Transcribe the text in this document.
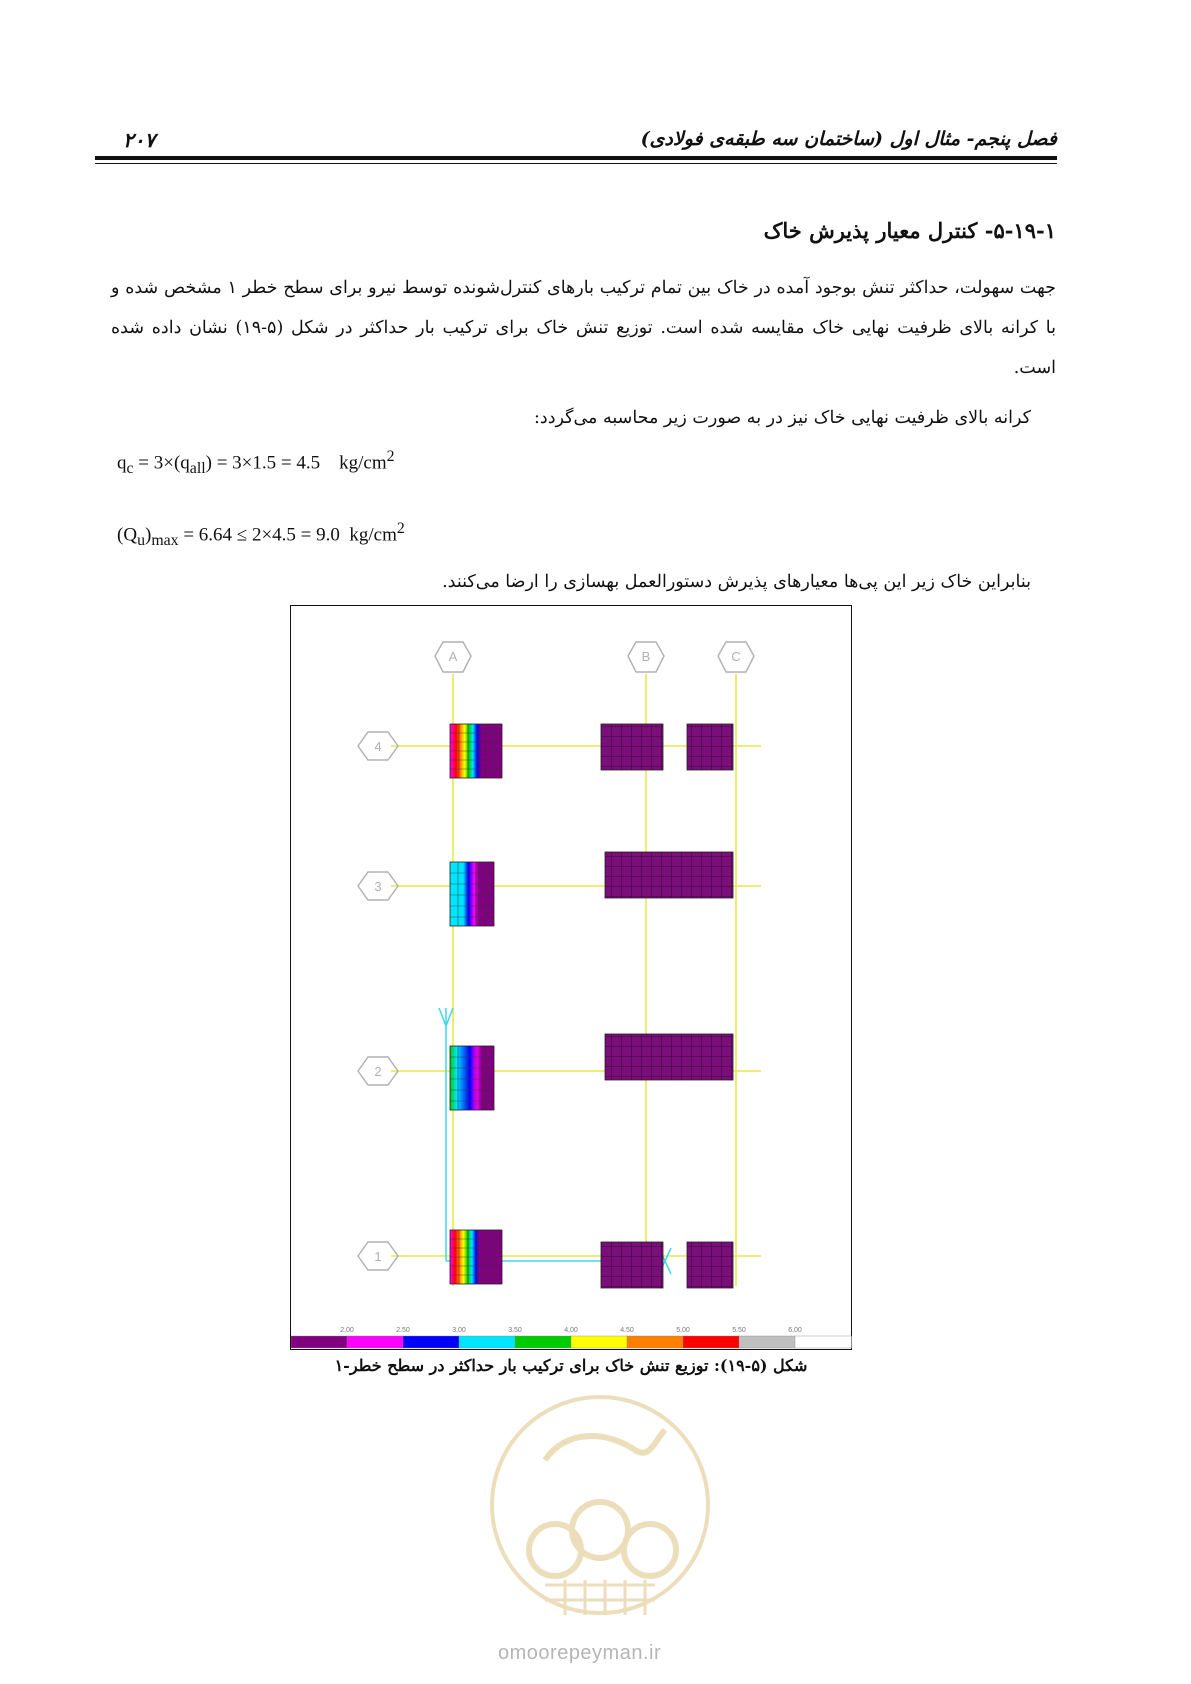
فصل پنجم- مثال اول (ساختمان سه طبقه‌ی فولادی)
۲۰۷
۵-۱۹-۱- کنترل معیار پذیرش خاک
جهت سهولت، حداکثر تنش بوجود آمده در خاک بین تمام ترکیب بارهای کنترل‌شونده توسط نیرو برای سطح خطر ۱ مشخص شده و با کرانه بالای ظرفیت نهایی خاک مقایسه شده است. توزیع تنش خاک برای ترکیب بار حداکثر در شکل (۵-۱۹) نشان داده شده است.
کرانه بالای ظرفیت نهایی خاک نیز در به صورت زیر محاسبه می‌گردد:
$q_c = 3\times(q_{all}) = 3\times 1.5 = 4.5$ $kg/cm^2$
$(Q_u)_{max} = 6.64 \le 2\times 4.5 = 9.0$ $kg/cm^2$
بنابراین خاک زیر این پی‌ها معیارهای پذیرش دستورالعمل بهسازی را ارضا می‌کنند.
A	B	C
4
3
2
1
2.00	2.50	3.00	3.50	4.00	4.50	5.00	5.50	6.00
شکل (۵-۱۹): توزیع تنش خاک برای ترکیب بار حداکثر در سطح خطر-۱
omoorepeyman.ir
